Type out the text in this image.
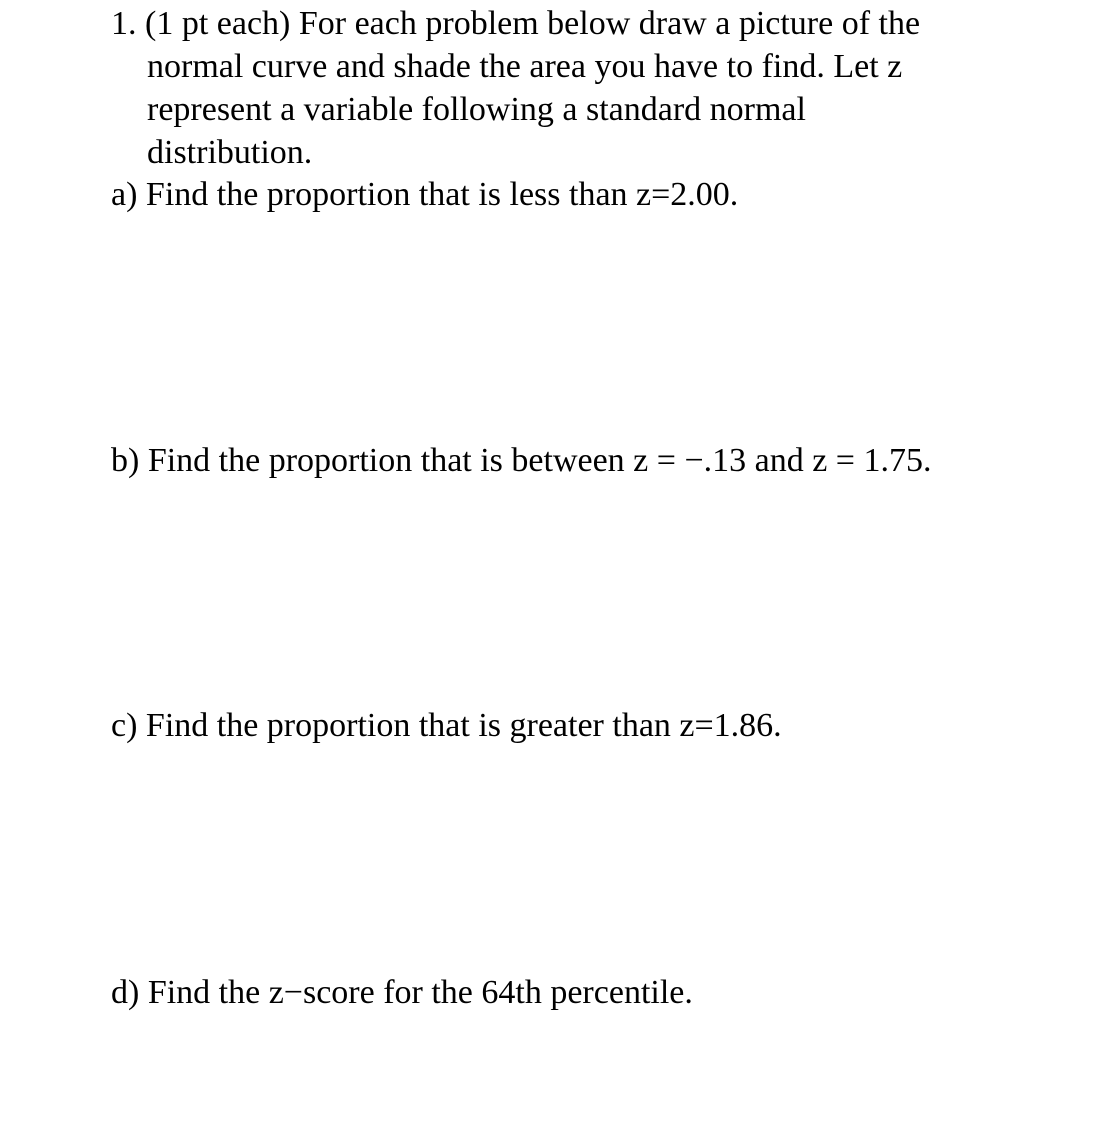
1. (1 pt each) For each problem below draw a picture of the

normal curve and shade the area you have to find. Let z

represent a variable following a standard normal

distribution.

a) Find the proportion that is less than z=2.00.

b) Find the proportion that is between z = −.13 and z = 1.75.

c) Find the proportion that is greater than z=1.86.

d) Find the z−score for the 64th percentile.
